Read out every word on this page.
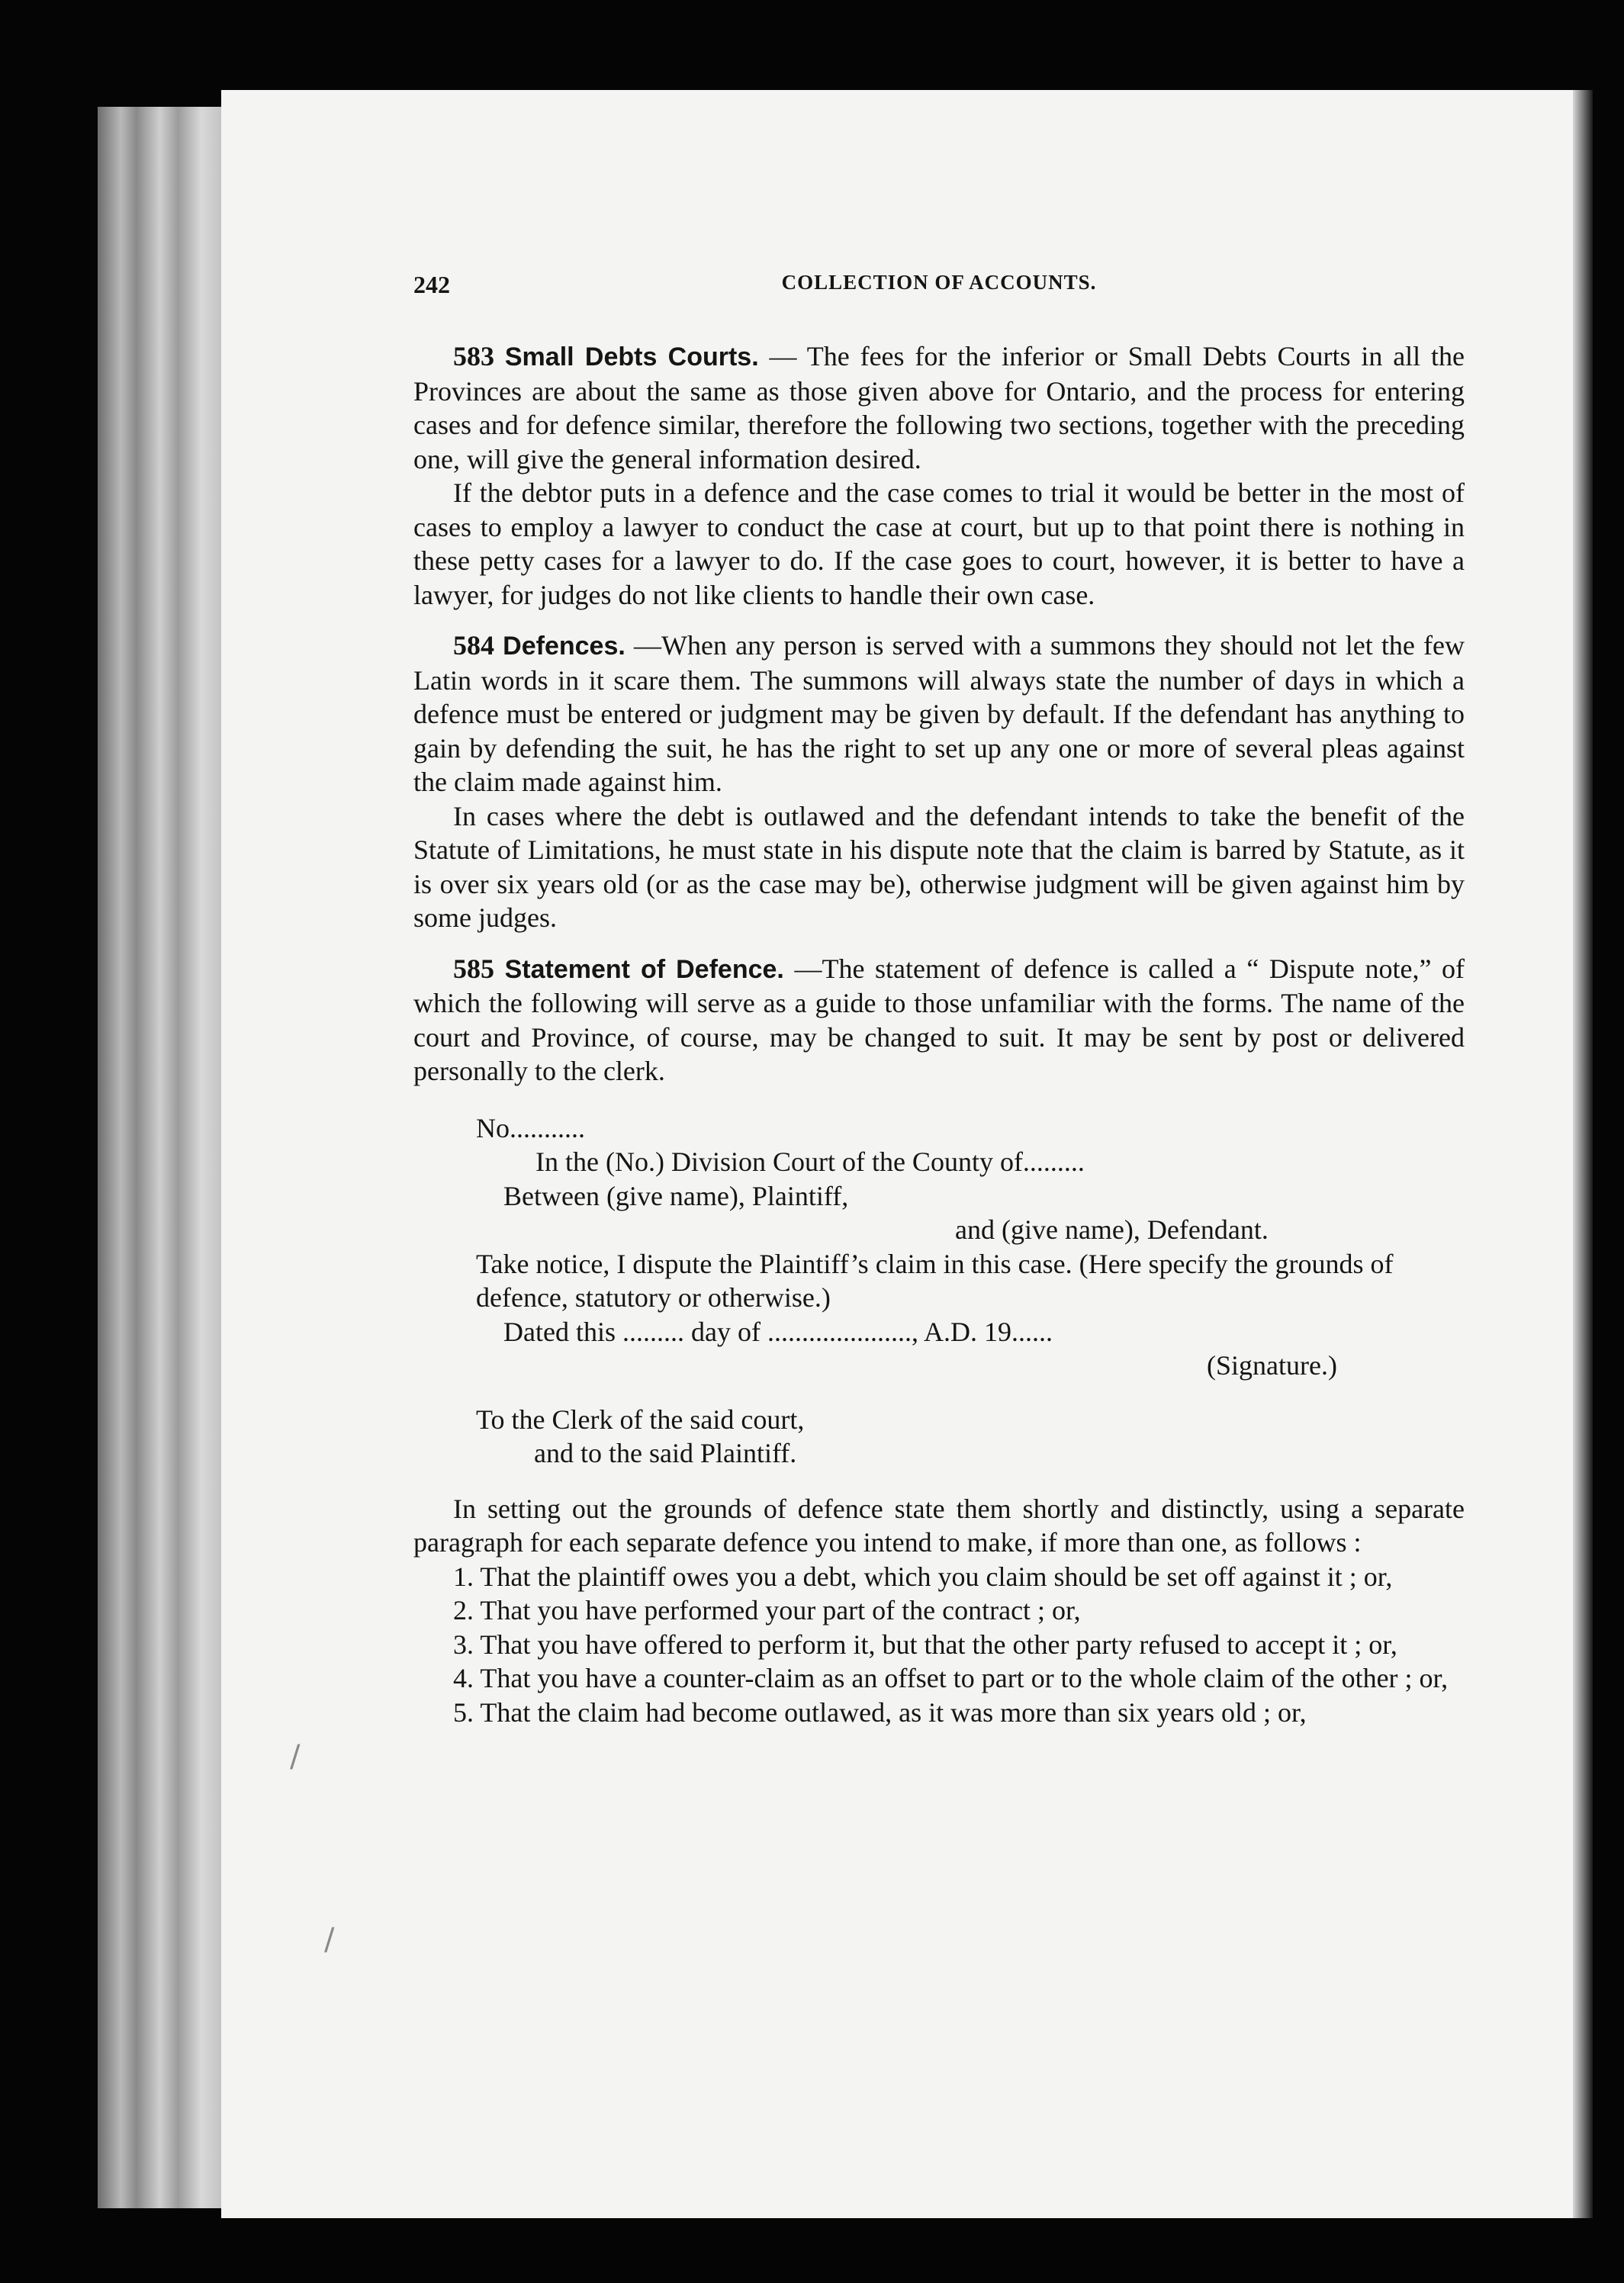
/
/
242	COLLECTION OF ACCOUNTS.

583 Small Debts Courts. — The fees for the inferior or Small Debts Courts in all the Provinces are about the same as those given above for Ontario, and the process for entering cases and for defence similar, therefore the following two sections, together with the preceding one, will give the general information desired.

If the debtor puts in a defence and the case comes to trial it would be better in the most of cases to employ a lawyer to conduct the case at court, but up to that point there is nothing in these petty cases for a lawyer to do. If the case goes to court, however, it is better to have a lawyer, for judges do not like clients to handle their own case.

584 Defences. —When any person is served with a summons they should not let the few Latin words in it scare them. The summons will always state the number of days in which a defence must be entered or judgment may be given by default. If the defendant has anything to gain by defending the suit, he has the right to set up any one or more of several pleas against the claim made against him.

In cases where the debt is outlawed and the defendant intends to take the benefit of the Statute of Limitations, he must state in his dispute note that the claim is barred by Statute, as it is over six years old (or as the case may be), otherwise judgment will be given against him by some judges.

585 Statement of Defence. —The statement of defence is called a “ Dispute note,” of which the following will serve as a guide to those unfamiliar with the forms. The name of the court and Province, of course, may be changed to suit. It may be sent by post or delivered personally to the clerk.

No...........
In the (No.) Division Court of the County of.........
Between (give name), Plaintiff,
and (give name), Defendant.
Take notice, I dispute the Plaintiff’s claim in this case. (Here specify the grounds of defence, statutory or otherwise.)
Dated this ......... day of ....................., A.D. 19......
(Signature.)
To the Clerk of the said court,
and to the said Plaintiff.

In setting out the grounds of defence state them shortly and distinctly, using a separate paragraph for each separate defence you intend to make, if more than one, as follows :

1. That the plaintiff owes you a debt, which you claim should be set off against it ; or,

2. That you have performed your part of the contract ; or,

3. That you have offered to perform it, but that the other party refused to accept it ; or,

4. That you have a counter-claim as an offset to part or to the whole claim of the other ; or,

5. That the claim had become outlawed, as it was more than six years old ; or,
